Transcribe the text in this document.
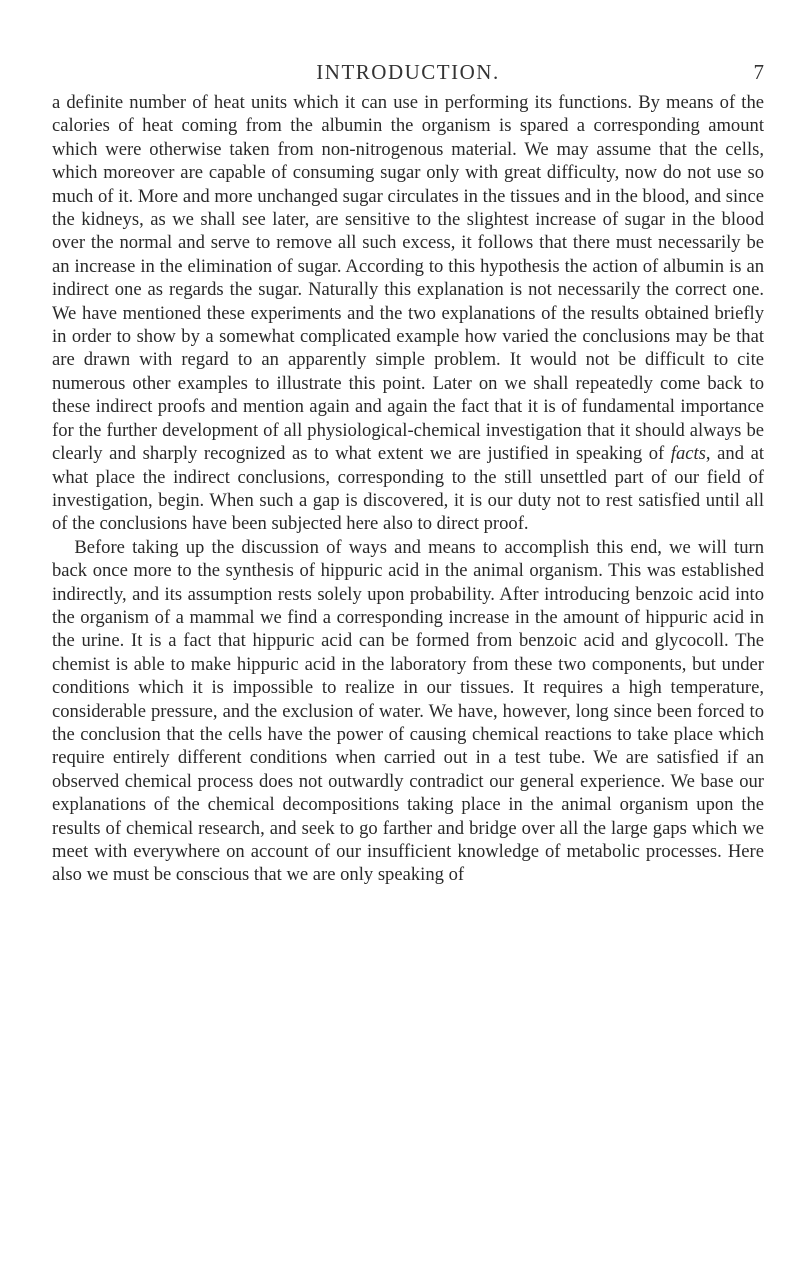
INTRODUCTION.	7

a definite number of heat units which it can use in performing its functions. By means of the calories of heat coming from the albumin the organism is spared a corresponding amount which were otherwise taken from non-nitrogenous material. We may assume that the cells, which moreover are capable of consuming sugar only with great difficulty, now do not use so much of it. More and more unchanged sugar circulates in the tissues and in the blood, and since the kidneys, as we shall see later, are sensitive to the slightest increase of sugar in the blood over the normal and serve to remove all such excess, it follows that there must necessarily be an increase in the elimination of sugar. According to this hypothesis the action of albumin is an indirect one as regards the sugar. Naturally this explanation is not necessarily the correct one. We have mentioned these experiments and the two explanations of the results obtained briefly in order to show by a somewhat complicated example how varied the conclusions may be that are drawn with regard to an apparently simple problem. It would not be difficult to cite numerous other examples to illustrate this point. Later on we shall repeatedly come back to these indirect proofs and mention again and again the fact that it is of fundamental importance for the further development of all physiological-chemical investigation that it should always be clearly and sharply recognized as to what extent we are justified in speaking of facts, and at what place the indirect conclusions, corresponding to the still unsettled part of our field of investigation, begin. When such a gap is discovered, it is our duty not to rest satisfied until all of the conclusions have been subjected here also to direct proof.

Before taking up the discussion of ways and means to accomplish this end, we will turn back once more to the synthesis of hippuric acid in the animal organism. This was established indirectly, and its assumption rests solely upon probability. After introducing benzoic acid into the organism of a mammal we find a corresponding increase in the amount of hippuric acid in the urine. It is a fact that hippuric acid can be formed from benzoic acid and glycocoll. The chemist is able to make hippuric acid in the laboratory from these two components, but under conditions which it is impossible to realize in our tissues. It requires a high temperature, considerable pressure, and the exclusion of water. We have, however, long since been forced to the conclusion that the cells have the power of causing chemical reactions to take place which require entirely different conditions when carried out in a test tube. We are satisfied if an observed chemical process does not outwardly contradict our general experience. We base our explanations of the chemical decompositions taking place in the animal organism upon the results of chemical research, and seek to go farther and bridge over all the large gaps which we meet with everywhere on account of our insufficient knowledge of metabolic processes. Here also we must be conscious that we are only speaking of
